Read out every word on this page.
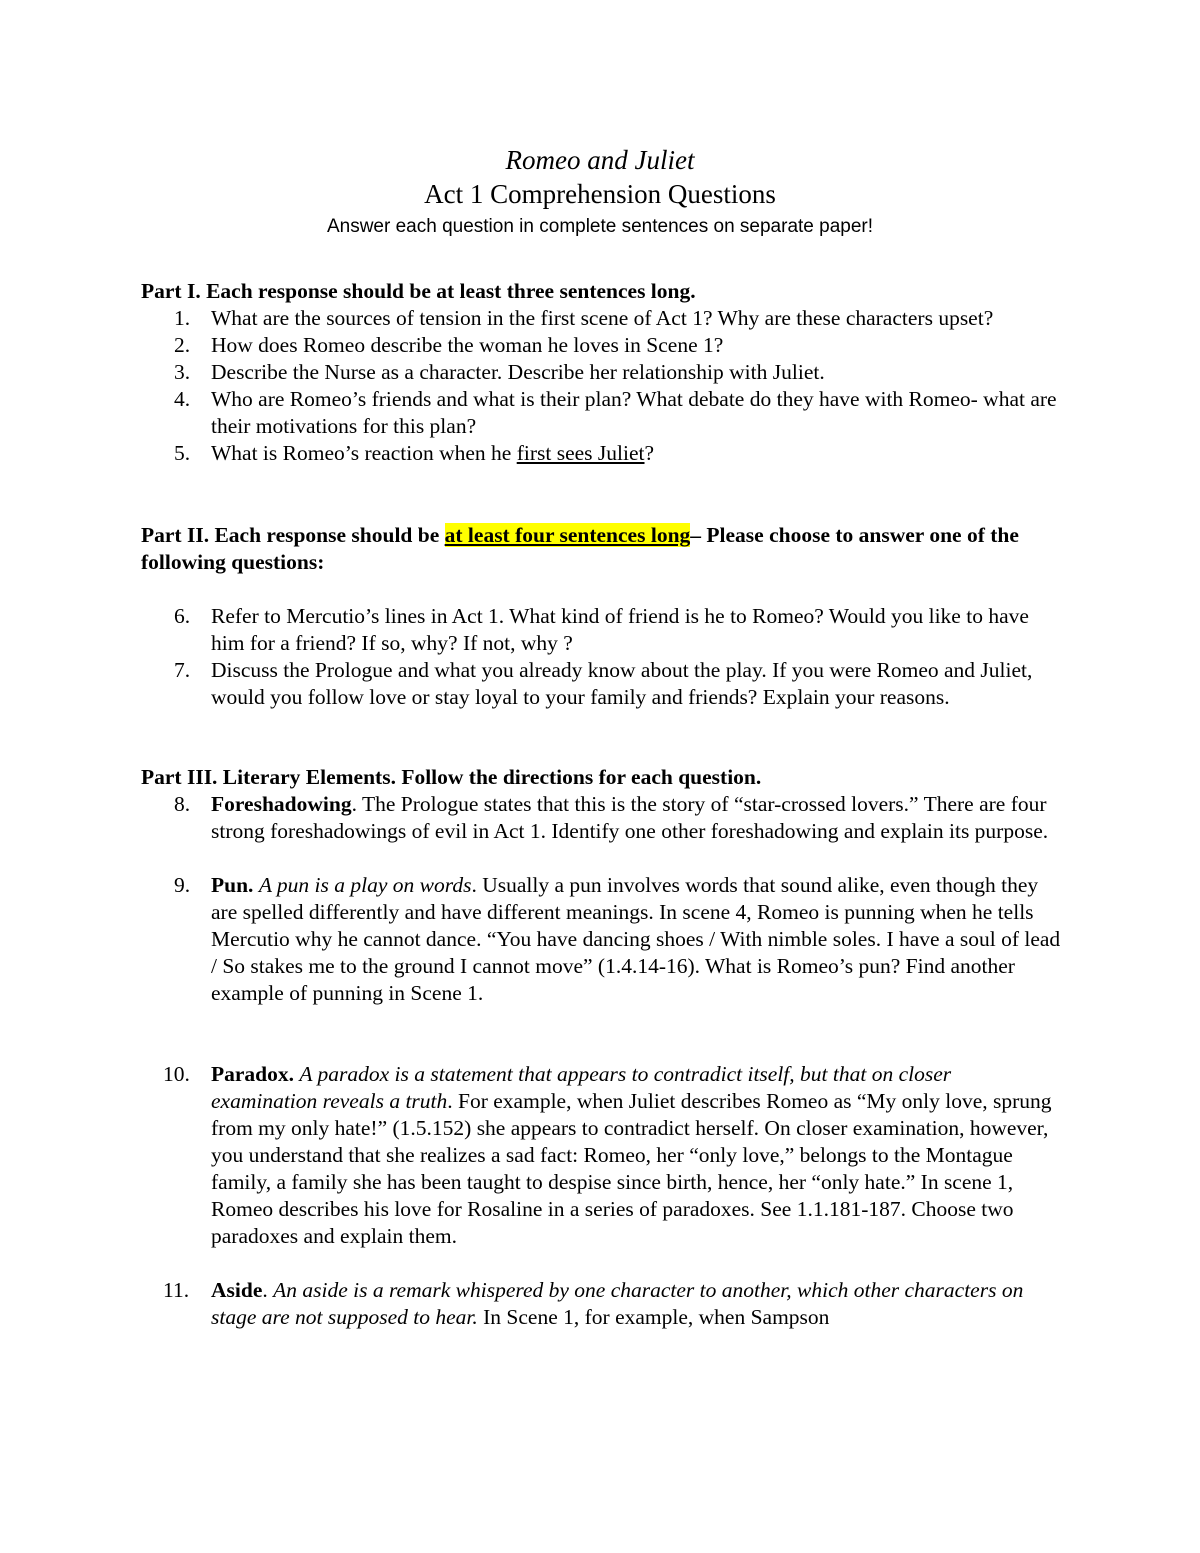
Romeo and Juliet
Act 1 Comprehension Questions
Answer each question in complete sentences on separate paper!

Part I. Each response should be at least three sentences long.

1. What are the sources of tension in the first scene of Act 1? Why are these characters upset?
2. How does Romeo describe the woman he loves in Scene 1?
3. Describe the Nurse as a character. Describe her relationship with Juliet.
4. Who are Romeo’s friends and what is their plan? What debate do they have with Romeo- what are their motivations for this plan?
5. What is Romeo’s reaction when he first sees Juliet?

Part II. Each response should be at least four sentences long– Please choose to answer one of the following questions:

6. Refer to Mercutio’s lines in Act 1. What kind of friend is he to Romeo? Would you like to have him for a friend? If so, why? If not, why ?
7. Discuss the Prologue and what you already know about the play. If you were Romeo and Juliet, would you follow love or stay loyal to your family and friends? Explain your reasons.

Part III. Literary Elements. Follow the directions for each question.

8. Foreshadowing. The Prologue states that this is the story of “star-crossed lovers.” There are four strong foreshadowings of evil in Act 1. Identify one other foreshadowing and explain its purpose.
9. Pun. A pun is a play on words. Usually a pun involves words that sound alike, even though they are spelled differently and have different meanings. In scene 4, Romeo is punning when he tells Mercutio why he cannot dance. “You have dancing shoes / With nimble soles. I have a soul of lead / So stakes me to the ground I cannot move” (1.4.14-16). What is Romeo’s pun? Find another example of punning in Scene 1.
10. Paradox. A paradox is a statement that appears to contradict itself, but that on closer examination reveals a truth. For example, when Juliet describes Romeo as “My only love, sprung from my only hate!” (1.5.152) she appears to contradict herself. On closer examination, however, you understand that she realizes a sad fact: Romeo, her “only love,” belongs to the Montague family, a family she has been taught to despise since birth, hence, her “only hate.” In scene 1, Romeo describes his love for Rosaline in a series of paradoxes. See 1.1.181-187. Choose two paradoxes and explain them.
11. Aside. An aside is a remark whispered by one character to another, which other characters on stage are not supposed to hear. In Scene 1, for example, when Sampson
